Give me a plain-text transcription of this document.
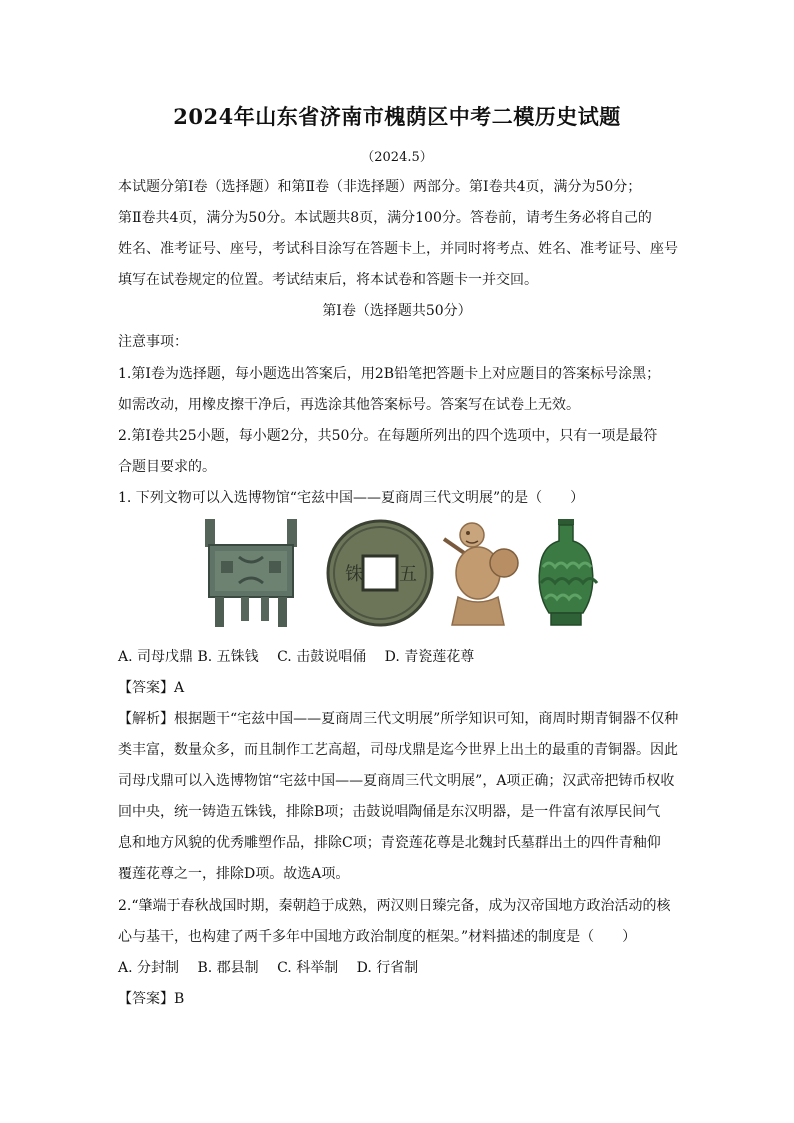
2024年山东省济南市槐荫区中考二模历史试题
（2024.5）
本试题分第Ⅰ卷（选择题）和第Ⅱ卷（非选择题）两部分。第Ⅰ卷共4页，满分为50分；
第Ⅱ卷共4页，满分为50分。本试题共8页，满分100分。答卷前，请考生务必将自己的
姓名、准考证号、座号，考试科目涂写在答题卡上，并同时将考点、姓名、准考证号、座号
填写在试卷规定的位置。考试结束后，将本试卷和答题卡一并交回。
第Ⅰ卷（选择题共50分）
注意事项：
1.第Ⅰ卷为选择题，每小题选出答案后，用2B铅笔把答题卡上对应题目的答案标号涂黑；
如需改动，用橡皮擦干净后，再选涂其他答案标号。答案写在试卷上无效。
2.第Ⅰ卷共25小题，每小题2分，共50分。在每题所列出的四个选项中，只有一项是最符
合题目要求的。
1. 下列文物可以入选博物馆“宅兹中国——夏商周三代文明展”的是（　　）
铢 五
A. 司母戊鼎 B. 五铢钱　 C. 击鼓说唱俑　 D. 青瓷莲花尊
【答案】A
【解析】根据题干“宅兹中国——夏商周三代文明展”所学知识可知，商周时期青铜器不仅种
类丰富，数量众多，而且制作工艺高超，司母戊鼎是迄今世界上出土的最重的青铜器。因此
司母戊鼎可以入选博物馆“宅兹中国——夏商周三代文明展”，A项正确；汉武帝把铸币权收
回中央，统一铸造五铢钱，排除B项；击鼓说唱陶俑是东汉明器，是一件富有浓厚民间气
息和地方风貌的优秀雕塑作品，排除C项；青瓷莲花尊是北魏封氏墓群出土的四件青釉仰
覆莲花尊之一，排除D项。故选A项。
2.“肇端于春秋战国时期，秦朝趋于成熟，两汉则日臻完备，成为汉帝国地方政治活动的核
心与基干，也构建了两千多年中国地方政治制度的框架。”材料描述的制度是（　　）
A. 分封制　 B. 郡县制　 C. 科举制　 D. 行省制
【答案】B
